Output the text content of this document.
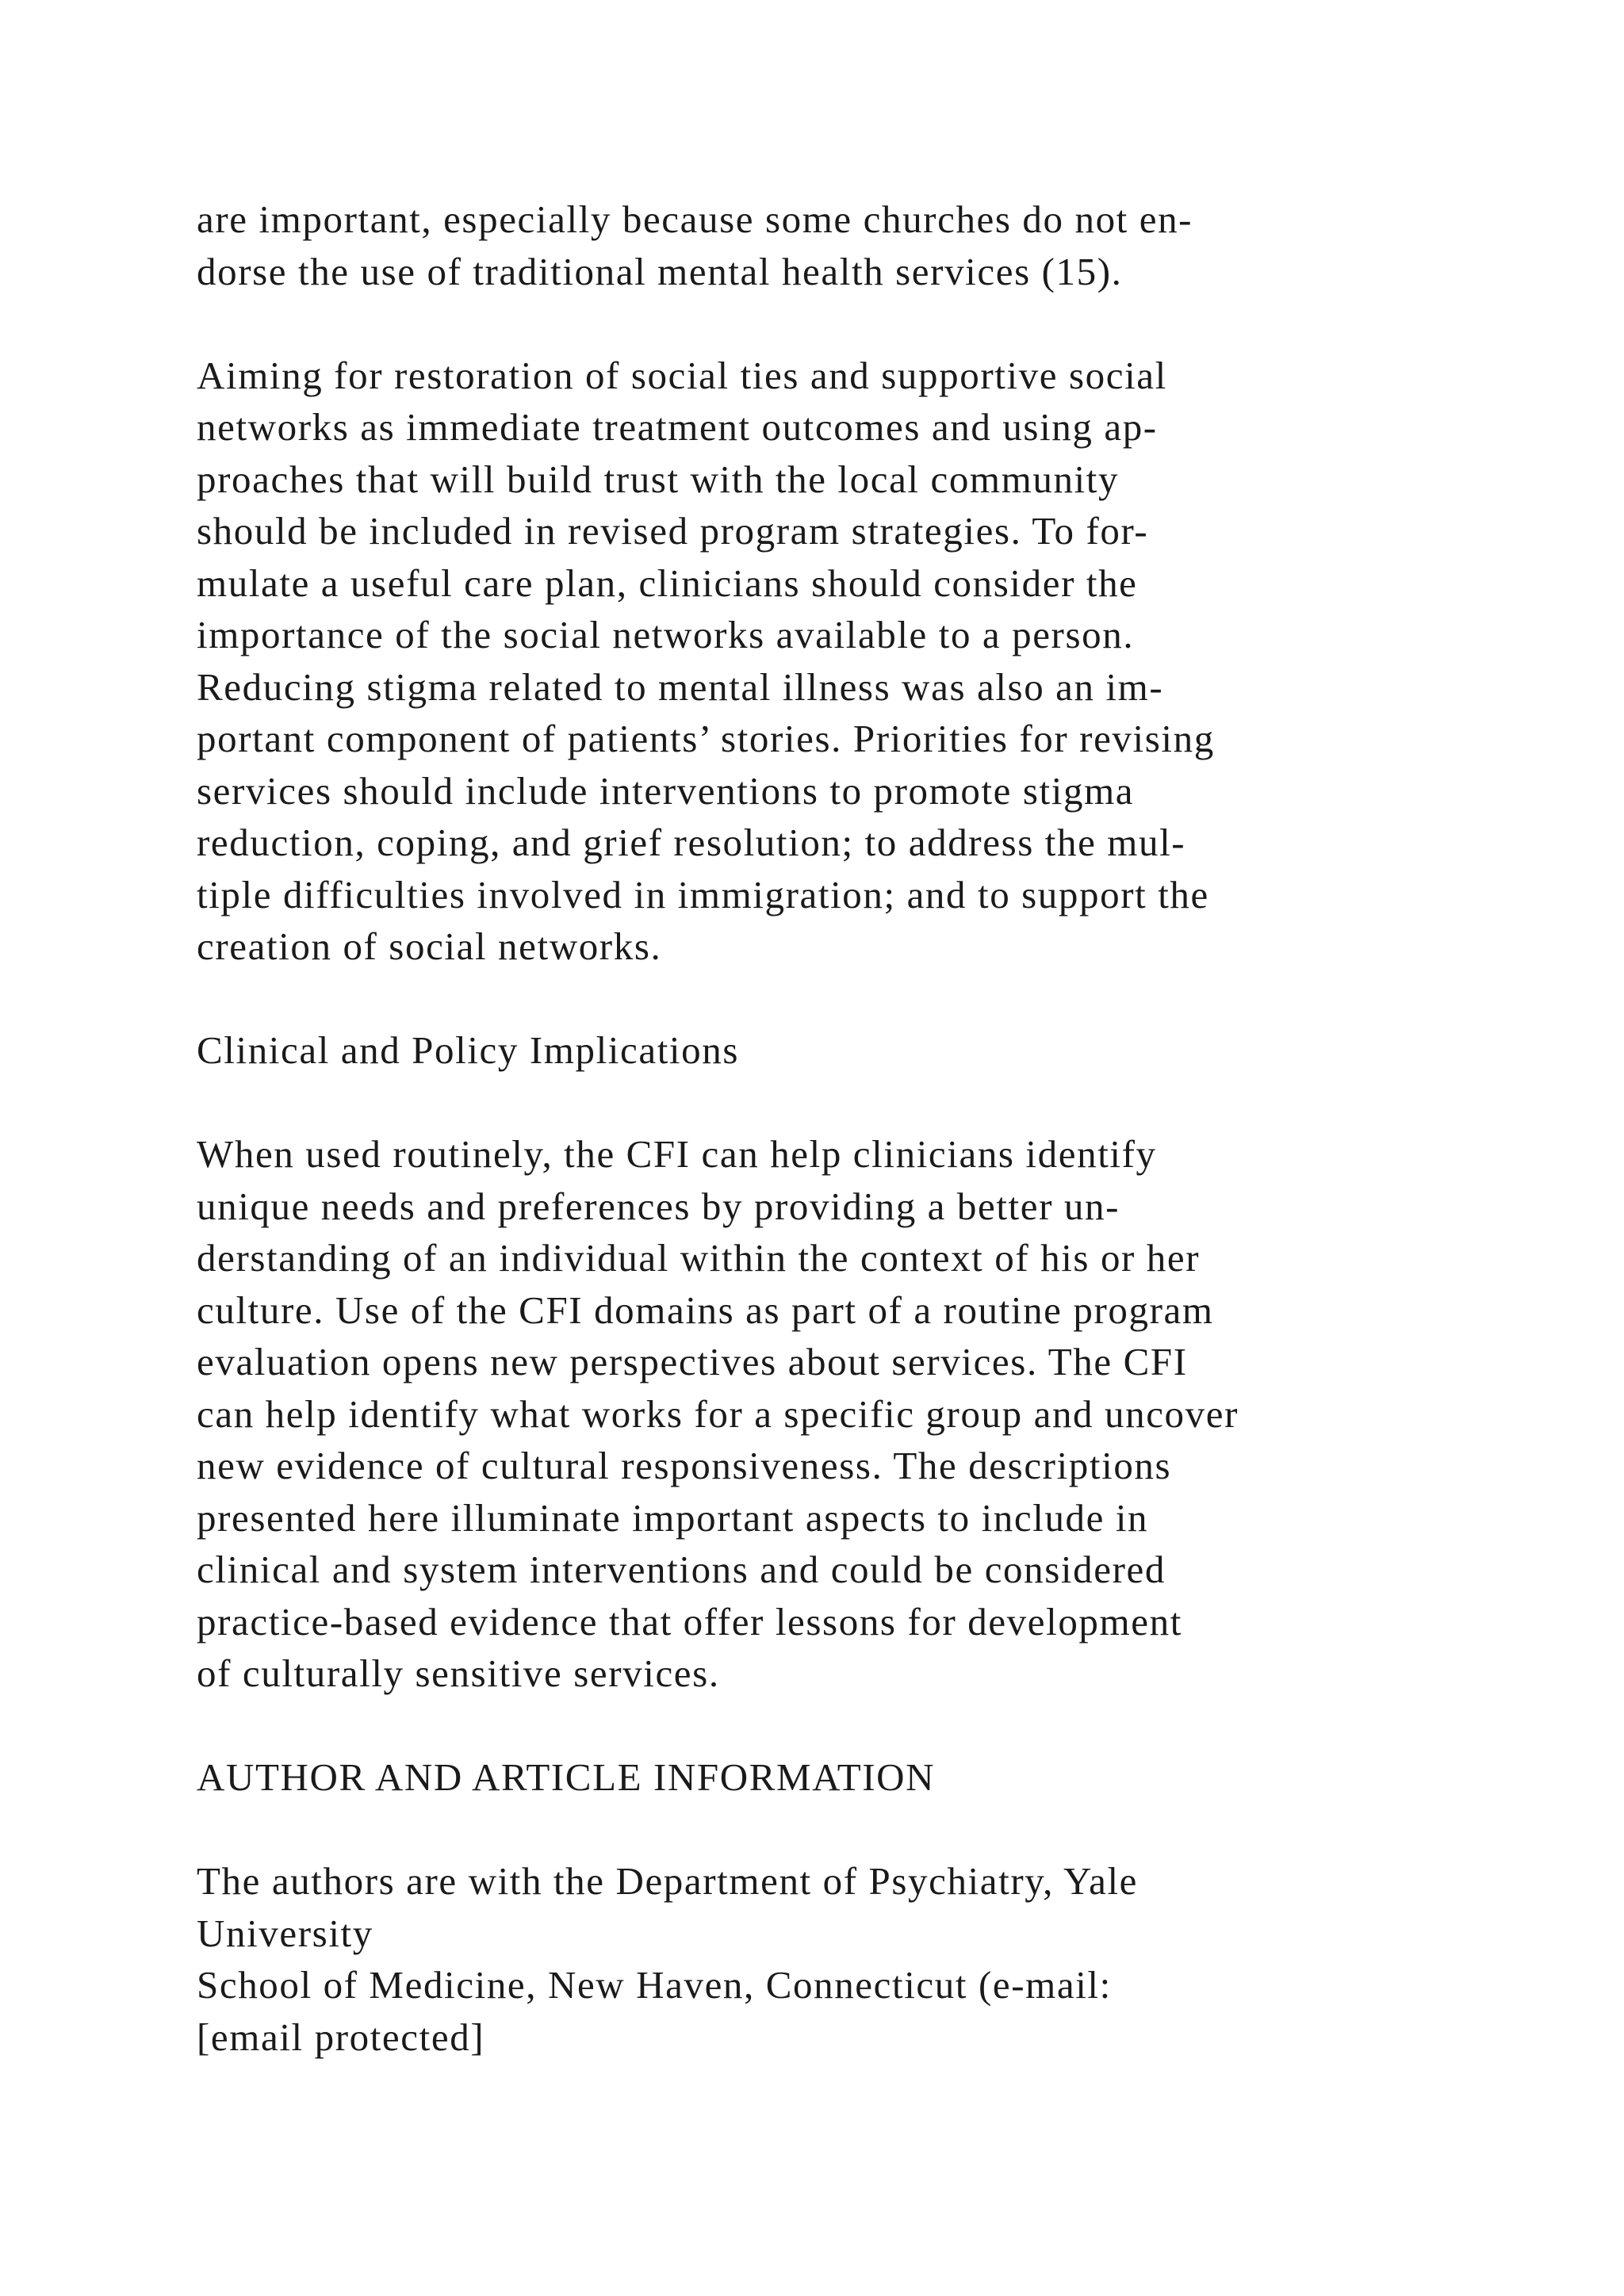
are important, especially because some churches do not en-
dorse the use of traditional mental health services (15).
Aiming for restoration of social ties and supportive social
networks as immediate treatment outcomes and using ap-
proaches that will build trust with the local community
should be included in revised program strategies. To for-
mulate a useful care plan, clinicians should consider the
importance of the social networks available to a person.
Reducing stigma related to mental illness was also an im-
portant component of patients’ stories. Priorities for revising
services should include interventions to promote stigma
reduction, coping, and grief resolution; to address the mul-
tiple difficulties involved in immigration; and to support the
creation of social networks.
Clinical and Policy Implications
When used routinely, the CFI can help clinicians identify
unique needs and preferences by providing a better un-
derstanding of an individual within the context of his or her
culture. Use of the CFI domains as part of a routine program
evaluation opens new perspectives about services. The CFI
can help identify what works for a specific group and uncover
new evidence of cultural responsiveness. The descriptions
presented here illuminate important aspects to include in
clinical and system interventions and could be considered
practice-based evidence that offer lessons for development
of culturally sensitive services.
AUTHOR AND ARTICLE INFORMATION
The authors are with the Department of Psychiatry, Yale
University
School of Medicine, New Haven, Connecticut (e-mail:
[email protected]
